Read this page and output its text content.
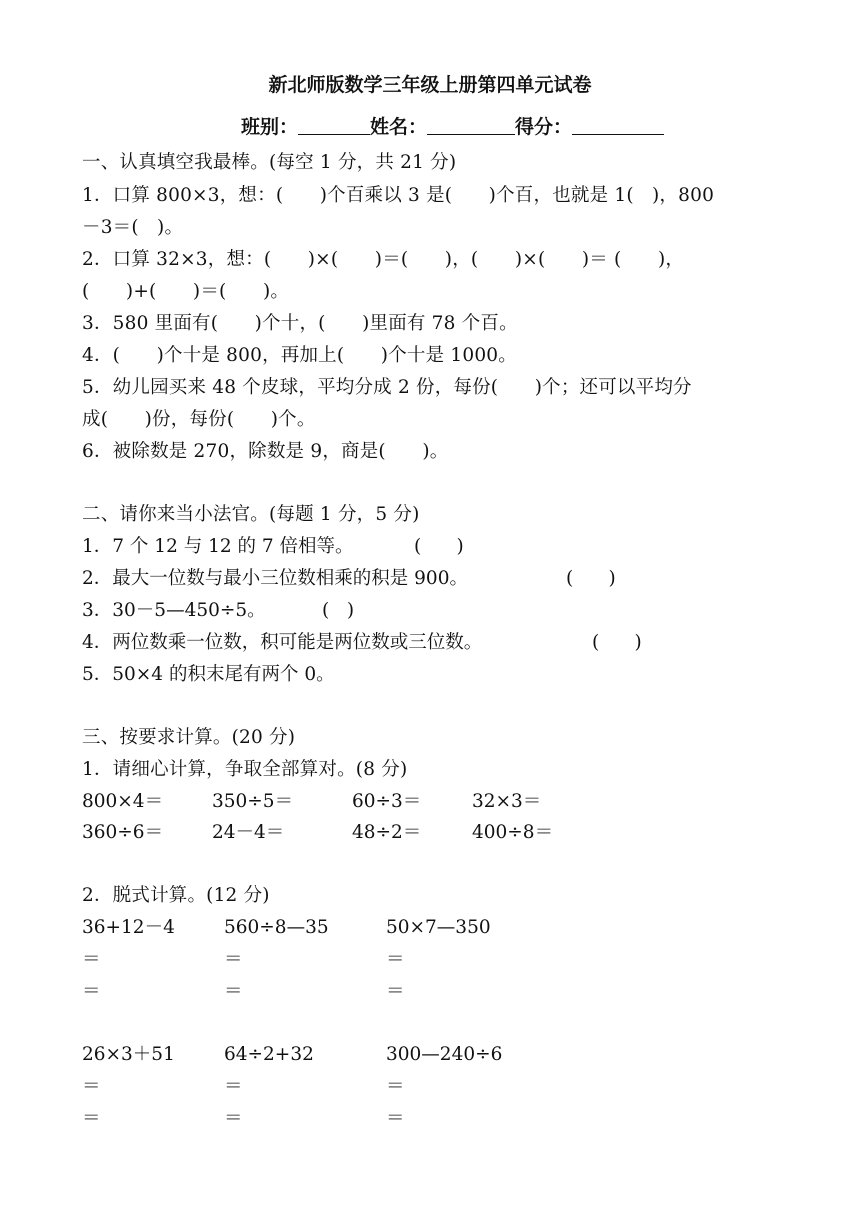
新北师版数学三年级上册第四单元试卷
班别：	姓名：	得分：
一、认真填空我最棒。(每空 1 分，共 21 分)
1．口算 800×3，想：(      )个百乘以 3 是(      )个百，也就是 1(   )，800
－3＝(   )。
2．口算 32×3，想：(      )×(      )＝(      )，(      )×(      )＝ (      )，
(      )+(      )＝(      )。
3．580 里面有(      )个十，(      )里面有 78 个百。
4．(      )个十是 800，再加上(      )个十是 1000。
5．幼儿园买来 48 个皮球，平均分成 2 份，每份(      )个；还可以平均分
成(      )份，每份(      )个。
6．被除数是 270，除数是 9，商是(      )。
二、请你来当小法官。(每题 1 分，5 分)
1．7 个 12 与 12 的 7 倍相等。	(      )
2．最大一位数与最小三位数相乘的积是 900。	(      )
3．30－5—450÷5。	(   )
4．两位数乘一位数，积可能是两位数或三位数。	(      )
5．50×4 的积末尾有两个 0。
三、按要求计算。(20 分)
1．请细心计算，争取全部算对。(8 分)
800×4＝	350÷5＝	60÷3＝	32×3＝
360÷6＝	24－4＝	48÷2＝	400÷8＝
2．脱式计算。(12 分)
36+12－4	560÷8—35	50×7—350
＝	＝	＝
＝	＝	＝
26×3＋51	64÷2+32	300—240÷6
＝	＝	＝
＝	＝	＝
